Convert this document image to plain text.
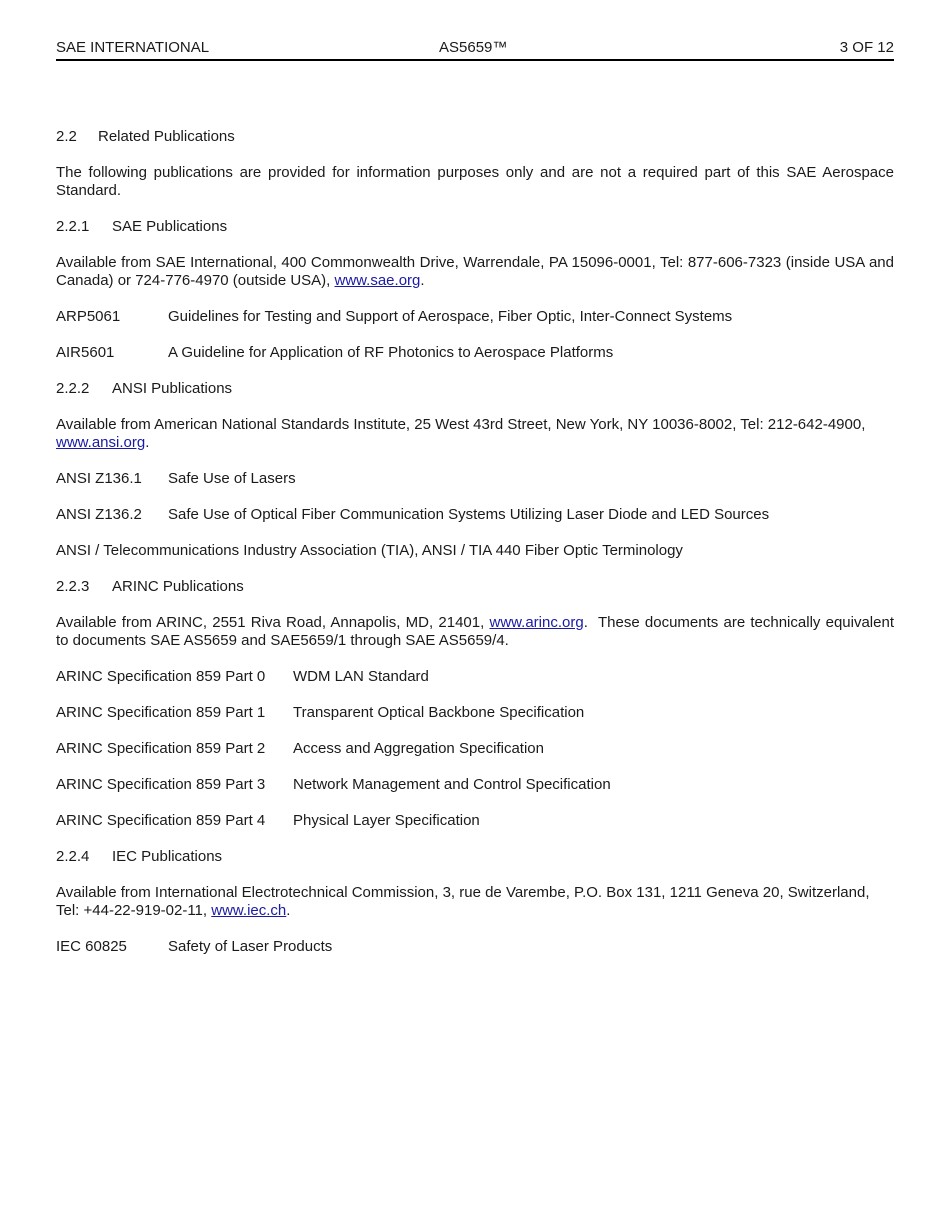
SAE INTERNATIONAL	AS5659™	3 OF 12
2.2	Related Publications
The following publications are provided for information purposes only and are not a required part of this SAE Aerospace Standard.
2.2.1	SAE Publications
Available from SAE International, 400 Commonwealth Drive, Warrendale, PA 15096-0001, Tel: 877-606-7323 (inside USA and Canada) or 724-776-4970 (outside USA), www.sae.org.
ARP5061	Guidelines for Testing and Support of Aerospace, Fiber Optic, Inter-Connect Systems
AIR5601	A Guideline for Application of RF Photonics to Aerospace Platforms
2.2.2	ANSI Publications
Available from American National Standards Institute, 25 West 43rd Street, New York, NY 10036-8002, Tel: 212-642-4900, www.ansi.org.
ANSI Z136.1	Safe Use of Lasers
ANSI Z136.2	Safe Use of Optical Fiber Communication Systems Utilizing Laser Diode and LED Sources
ANSI / Telecommunications Industry Association (TIA), ANSI / TIA 440 Fiber Optic Terminology
2.2.3	ARINC Publications
Available from ARINC, 2551 Riva Road, Annapolis, MD, 21401, www.arinc.org.  These documents are technically equivalent to documents SAE AS5659 and SAE5659/1 through SAE AS5659/4.
ARINC Specification 859 Part 0	WDM LAN Standard
ARINC Specification 859 Part 1	Transparent Optical Backbone Specification
ARINC Specification 859 Part 2	Access and Aggregation Specification
ARINC Specification 859 Part 3	Network Management and Control Specification
ARINC Specification 859 Part 4	Physical Layer Specification
2.2.4	IEC Publications
Available from International Electrotechnical Commission, 3, rue de Varembe, P.O. Box 131, 1211 Geneva 20, Switzerland, Tel: +44-22-919-02-11, www.iec.ch.
IEC 60825	Safety of Laser Products
